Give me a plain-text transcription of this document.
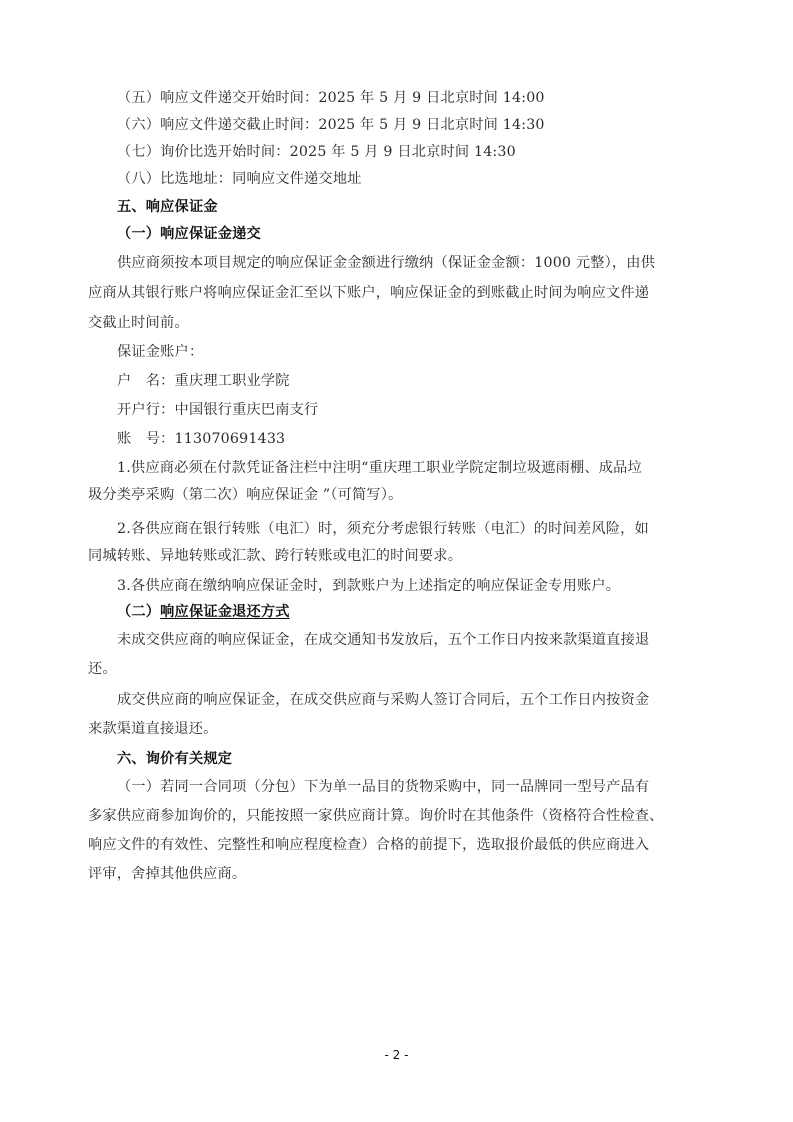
（五）响应文件递交开始时间：2025 年 5 月 9 日北京时间 14:00
（六）响应文件递交截止时间：2025 年 5 月 9 日北京时间 14:30
（七）询价比选开始时间：2025 年 5 月 9 日北京时间 14:30
（八）比选地址：同响应文件递交地址
五、响应保证金
（一）响应保证金递交
供应商须按本项目规定的响应保证金金额进行缴纳（保证金金额：1000 元整），由供
应商从其银行账户将响应保证金汇至以下账户，响应保证金的到账截止时间为响应文件递
交截止时间前。
保证金账户：
户　名：重庆理工职业学院
开户行：中国银行重庆巴南支行
账　号：113070691433
1.供应商必须在付款凭证备注栏中注明“重庆理工职业学院定制垃圾遮雨棚、成品垃
圾分类亭采购（第二次）响应保证金 ”（可简写）。
2.各供应商在银行转账（电汇）时，须充分考虑银行转账（电汇）的时间差风险，如
同城转账、异地转账或汇款、跨行转账或电汇的时间要求。
3.各供应商在缴纳响应保证金时，到款账户为上述指定的响应保证金专用账户。
（二）响应保证金退还方式
未成交供应商的响应保证金，在成交通知书发放后，五个工作日内按来款渠道直接退
还。
成交供应商的响应保证金，在成交供应商与采购人签订合同后，五个工作日内按资金
来款渠道直接退还。
六、询价有关规定
（一）若同一合同项（分包）下为单一品目的货物采购中，同一品牌同一型号产品有
多家供应商参加询价的，只能按照一家供应商计算。询价时在其他条件（资格符合性检查、
响应文件的有效性、完整性和响应程度检查）合格的前提下，选取报价最低的供应商进入
评审，舍掉其他供应商。
- 2 -
